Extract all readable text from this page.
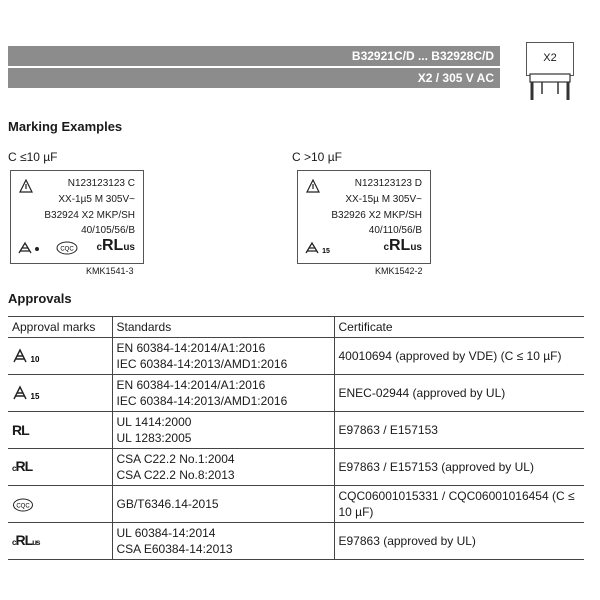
B32921C/D ... B32928C/D
X2 / 305 V AC
X2
Marking Examples
C ≤10 µF	C >10 µF
N123123123 C
XX-1µ5 M 305V~
B32924 X2 MKP/SH
40/105/56/B
CQC cRLus
KMK1541-3
N123123123 D
XX-15µ M 305V~
B32926 X2 MKP/SH
40/110/56/B
15	cRLus
KMK1542-2
Approvals
Approval marks	Standards	Certificate

10	EN 60384-14:2014/A1:2016
IEC 60384-14:2013/AMD1:2016	40010694 (approved by VDE) (C ≤ 10 µF)

15	EN 60384-14:2014/A1:2016
IEC 60384-14:2013/AMD1:2016	ENEC-02944 (approved by UL)
RL	UL 1414:2000
UL 1283:2005	E97863 / E157153
cRL	CSA C22.2 No.1:2004
CSA C22.2 No.8:2013	E97863 / E157153 (approved by UL)

CQC	GB/T6346.14-2015	CQC06001015331 / CQC06001016454 (C ≤ 10 µF)
cRLus	UL 60384-14:2014
CSA E60384-14:2013	E97863 (approved by UL)
